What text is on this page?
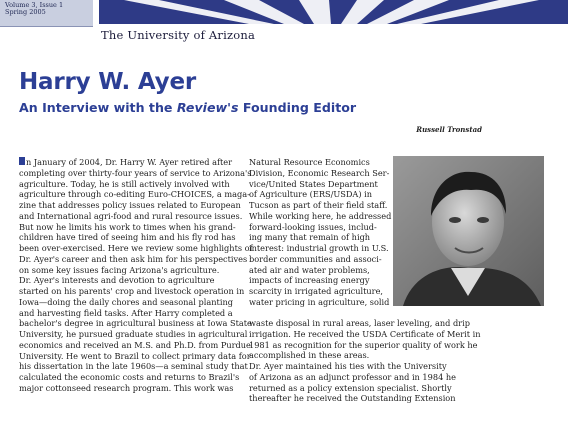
Volume 3, Issue 1
Spring 2005
The University of Arizona
Harry W. Ayer
An Interview with the Review's Founding Editor
Russell Tronstad
n January of 2004, Dr. Harry W. Ayer retired after
completing over thirty-four years of service to Arizona's
agriculture. Today, he is still actively involved with
agriculture through co-editing Euro-CHOICES, a maga-
zine that addresses policy issues related to European
and International agri-food and rural resource issues.
But now he limits his work to times when his grand-
children have tired of seeing him and his fly rod has
been over-exercised. Here we review some highlights of
Dr. Ayer's career and then ask him for his perspectives
on some key issues facing Arizona's agriculture.
Dr. Ayer's interests and devotion to agriculture
started on his parents' crop and livestock operation in
Iowa—doing the daily chores and seasonal planting
and harvesting field tasks. After Harry completed a
bachelor's degree in agricultural business at Iowa State
University, he pursued graduate studies in agricultural
economics and received an M.S. and Ph.D. from Purdue
University. He went to Brazil to collect primary data for
his dissertation in the late 1960s—a seminal study that
calculated the economic costs and returns to Brazil's
major cottonseed research program. This work was
Natural Resource Economics
Division, Economic Research Ser-
vice/United States Department
of Agriculture (ERS/USDA) in
Tucson as part of their field staff.
While working here, he addressed
forward-looking issues, includ-
ing many that remain of high
interest: industrial growth in U.S.
border communities and associ-
ated air and water problems,
impacts of increasing energy
scarcity in irrigated agriculture,
water pricing in agriculture, solid
waste disposal in rural areas, laser leveling, and drip
irrigation. He received the USDA Certificate of Merit in
1981 as recognition for the superior quality of work he
accomplished in these areas.
Dr. Ayer maintained his ties with the University
of Arizona as an adjunct professor and in 1984 he
returned as a policy extension specialist. Shortly
thereafter he received the Outstanding Extension
